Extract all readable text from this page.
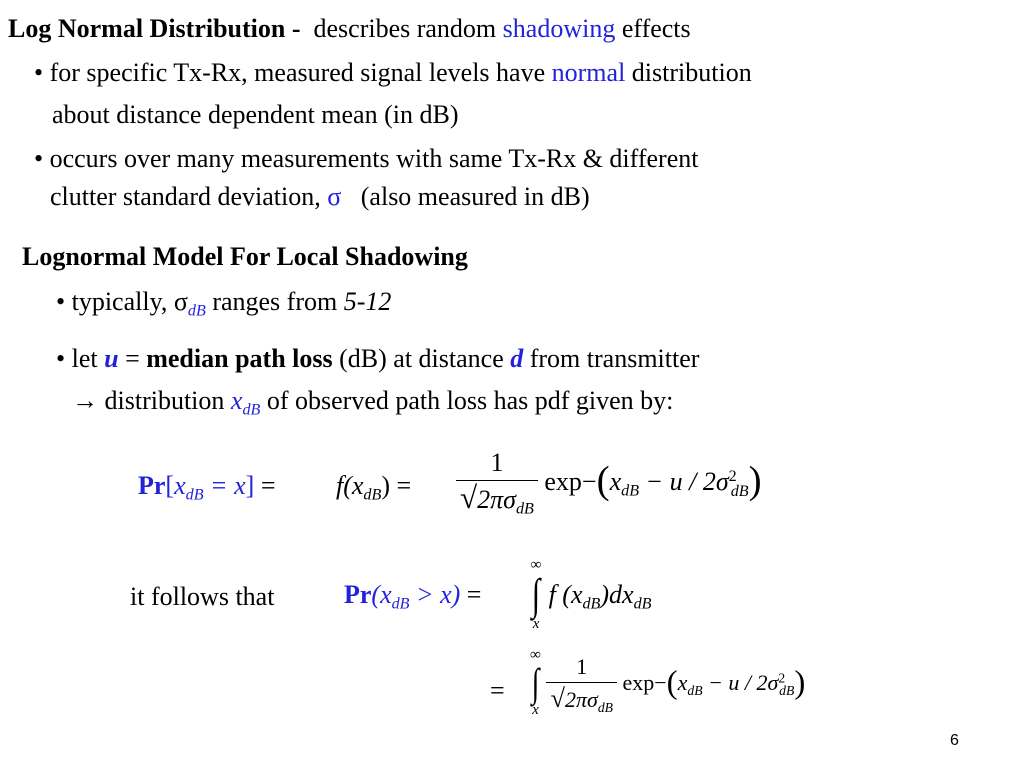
Log Normal Distribution - describes random shadowing effects
• for specific Tx-Rx, measured signal levels have normal distribution
about distance dependent mean (in dB)
• occurs over many measurements with same Tx-Rx & different
clutter standard deviation, σ (also measured in dB)
Lognormal Model For Local Shadowing
• typically, $\sigma_{dB}$ ranges from 5-12
• let u = median path loss (dB) at distance d from transmitter
→ distribution $x_{dB}$ of observed path loss has pdf given by:
$Pr[x_{dB} = x] = f(x_{dB}) = \frac{1}{√2\pi\sigma_{dB}} \exp-(x_{dB} - u / 2\sigma^2_{dB})$
it follows that	$Pr(x_{dB} > x)$ =
∞
∫
x
f $(x_{dB})dx_{dB}$
=
∞
∫
x
$\frac{1}{√2\pi\sigma_{dB}} \exp-(x_{dB} - u / 2\sigma^2_{dB})$
6
